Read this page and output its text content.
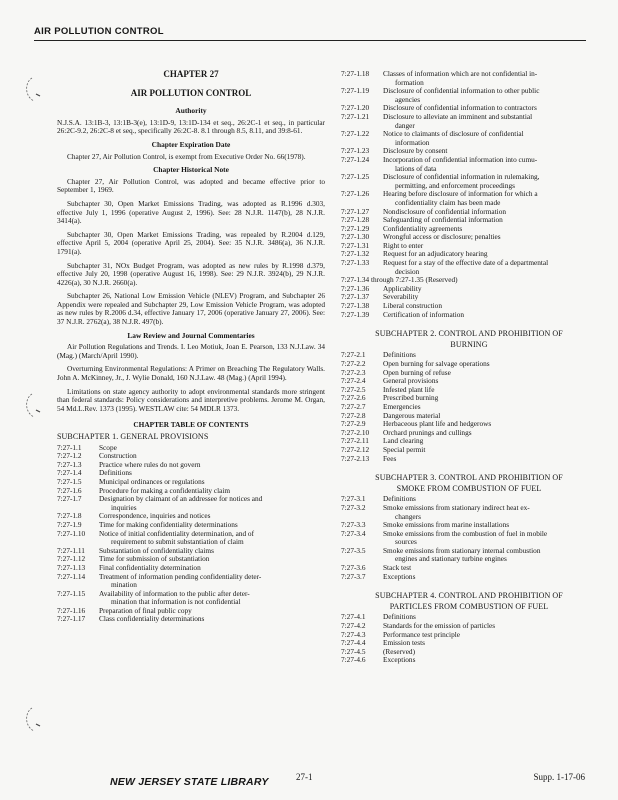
AIR POLLUTION CONTROL
CHAPTER 27
AIR POLLUTION CONTROL
Authority

N.J.S.A. 13:1B-3, 13:1B-3(e), 13:1D-9, 13:1D-134 et seq., 26:2C-1 et seq., in particular 26:2C-9.2, 26:2C-8 et seq., specifically 26:2C-8. 8.1 through 8.5, 8.11, and 39:8-61.

Chapter Expiration Date

Chapter 27, Air Pollution Control, is exempt from Executive Order No. 66(1978).

Chapter Historical Note

Chapter 27, Air Pollution Control, was adopted and became effective prior to September 1, 1969.

Subchapter 30, Open Market Emissions Trading, was adopted as R.1996 d.303, effective July 1, 1996 (operative August 2, 1996). See: 28 N.J.R. 1147(b), 28 N.J.R. 3414(a).

Subchapter 30, Open Market Emissions Trading, was repealed by R.2004 d.129, effective April 5, 2004 (operative April 25, 2004). See: 35 N.J.R. 3486(a), 36 N.J.R. 1791(a).

Subchapter 31, NOx Budget Program, was adopted as new rules by R.1998 d.379, effective July 20, 1998 (operative August 16, 1998). See: 29 N.J.R. 3924(b), 29 N.J.R. 4226(a), 30 N.J.R. 2660(a).

Subchapter 26, National Low Emission Vehicle (NLEV) Program, and Subchapter 26 Appendix were repealed and Subchapter 29, Low Emission Vehicle Program, was adopted as new rules by R.2006 d.34, effective January 17, 2006 (operative January 27, 2006). See: 37 N.J.R. 2762(a), 38 N.J.R. 497(b).

Law Review and Journal Commentaries

Air Pollution Regulations and Trends. I. Leo Motiuk, Joan E. Pearson, 133 N.J.Law. 34 (Mag.) (March/April 1990).

Overturning Environmental Regulations: A Primer on Breaching The Regulatory Walls. John A. McKinney, Jr., J. Wylie Donald, 160 N.J.Law. 48 (Mag.) (April 1994).

Limitations on state agency authority to adopt environmental standards more stringent than federal standards: Policy considerations and interpretive problems. Jerome M. Organ, 54 Md.L.Rev. 1373 (1995). WESTLAW cite: 54 MDLR 1373.

CHAPTER TABLE OF CONTENTS
SUBCHAPTER 1. GENERAL PROVISIONS
7:27-1.1	Scope
7:27-1.2	Construction
7:27-1.3	Practice where rules do not govern
7:27-1.4	Definitions
7:27-1.5	Municipal ordinances or regulations
7:27-1.6	Procedure for making a confidentiality claim
7:27-1.7	Designation by claimant of an addressee for notices and
inquiries
7:27-1.8	Correspondence, inquiries and notices
7:27-1.9	Time for making confidentiality determinations
7:27-1.10	Notice of initial confidentiality determination, and of
requirement to submit substantiation of claim
7:27-1.11	Substantiation of confidentiality claims
7:27-1.12	Time for submission of substantiation
7:27-1.13	Final confidentiality determination
7:27-1.14	Treatment of information pending confidentiality deter-
mination
7:27-1.15	Availability of information to the public after deter-
mination that information is not confidential
7:27-1.16	Preparation of final public copy
7:27-1.17	Class confidentiality determinations
7:27-1.18	Classes of information which are not confidential in-
formation
7:27-1.19	Disclosure of confidential information to other public
agencies
7:27-1.20	Disclosure of confidential information to contractors
7:27-1.21	Disclosure to alleviate an imminent and substantial
danger
7:27-1.22	Notice to claimants of disclosure of confidential
information
7:27-1.23	Disclosure by consent
7:27-1.24	Incorporation of confidential information into cumu-
lations of data
7:27-1.25	Disclosure of confidential information in rulemaking,
permitting, and enforcement proceedings
7:27-1.26	Hearing before disclosure of information for which a
confidentiality claim has been made
7:27-1.27	Nondisclosure of confidential information
7:27-1.28	Safeguarding of confidential information
7:27-1.29	Confidentiality agreements
7:27-1.30	Wrongful access or disclosure; penalties
7:27-1.31	Right to enter
7:27-1.32	Request for an adjudicatory hearing
7:27-1.33	Request for a stay of the effective date of a departmental
decision
7:27-1.34 through 7:27-1.35 (Reserved)
7:27-1.36	Applicability
7:27-1.37	Severability
7:27-1.38	Liberal construction
7:27-1.39	Certification of information
SUBCHAPTER 2. CONTROL AND PROHIBITION OF
BURNING
7:27-2.1	Definitions
7:27-2.2	Open burning for salvage operations
7:27-2.3	Open burning of refuse
7:27-2.4	General provisions
7:27-2.5	Infested plant life
7:27-2.6	Prescribed burning
7:27-2.7	Emergencies
7:27-2.8	Dangerous material
7:27-2.9	Herbaceous plant life and hedgerows
7:27-2.10	Orchard prunings and cullings
7:27-2.11	Land clearing
7:27-2.12	Special permit
7:27-2.13	Fees
SUBCHAPTER 3. CONTROL AND PROHIBITION OF
SMOKE FROM COMBUSTION OF FUEL
7:27-3.1	Definitions
7:27-3.2	Smoke emissions from stationary indirect heat ex-
changers
7:27-3.3	Smoke emissions from marine installations
7:27-3.4	Smoke emissions from the combustion of fuel in mobile
sources
7:27-3.5	Smoke emissions from stationary internal combustion
engines and stationary turbine engines
7:27-3.6	Stack test
7:27-3.7	Exceptions
SUBCHAPTER 4. CONTROL AND PROHIBITION OF
PARTICLES FROM COMBUSTION OF FUEL
7:27-4.1	Definitions
7:27-4.2	Standards for the emission of particles
7:27-4.3	Performance test principle
7:27-4.4	Emission tests
7:27-4.5	(Reserved)
7:27-4.6	Exceptions
NEW JERSEY STATE LIBRARY	27-1	Supp. 1-17-06
